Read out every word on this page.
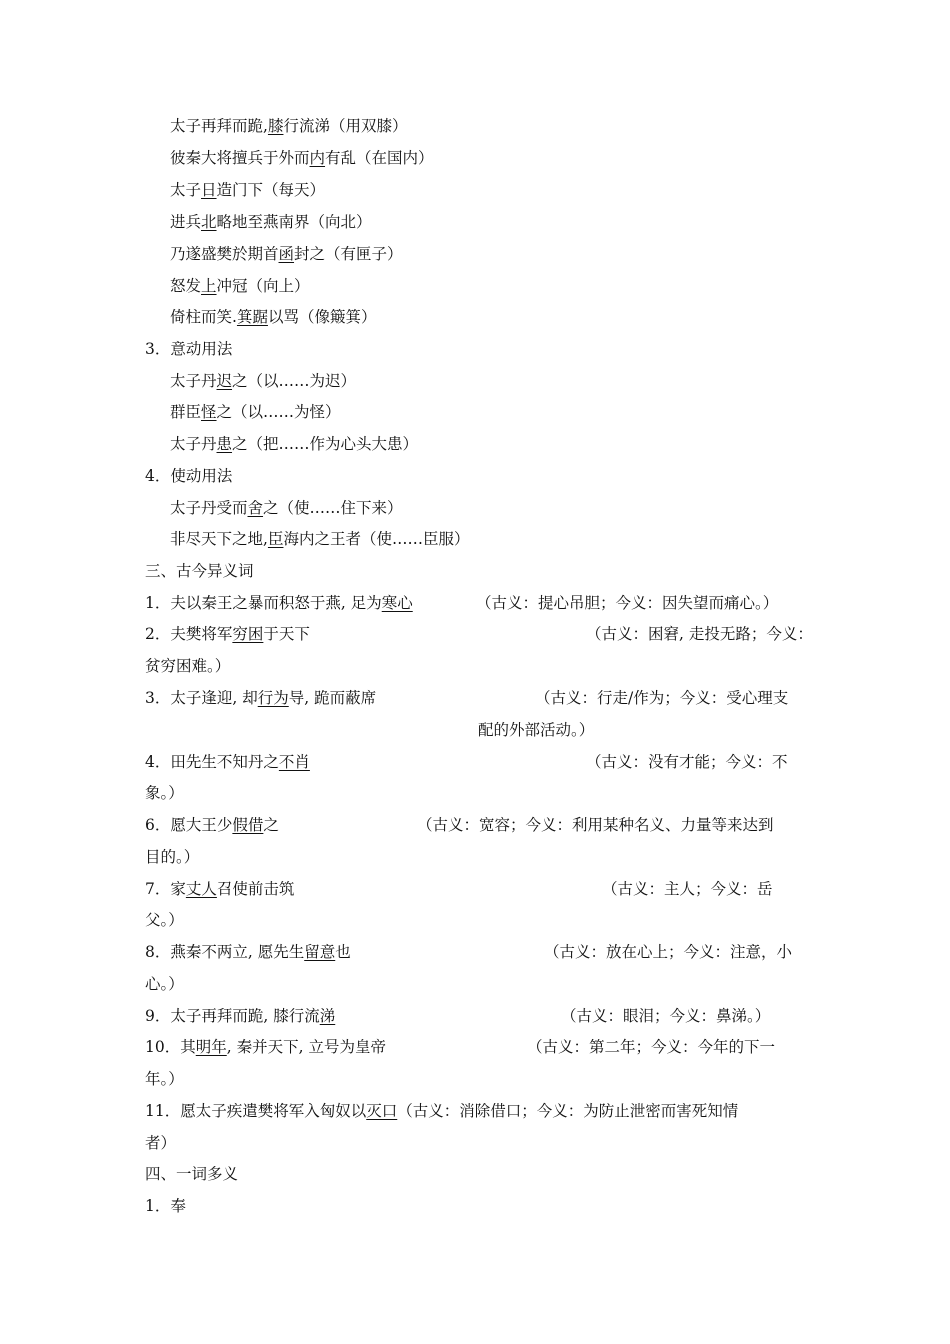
太子再拜而跪,膝行流涕（用双膝）
彼秦大将擅兵于外而内有乱（在国内）
太子日造门下（每天）
进兵北略地至燕南界（向北）
乃遂盛樊於期首函封之（有匣子）
怒发上冲冠（向上）
倚柱而笑.箕踞以骂（像簸箕）
3．意动用法
太子丹迟之（以……为迟）
群臣怪之（以……为怪）
太子丹患之（把……作为心头大患）
4．使动用法
太子丹受而舍之（使……住下来）
非尽天下之地,臣海内之王者（使……臣服）
三、古今异义词
1．夫以秦王之暴而积怒于燕, 足为寒心	（古义：提心吊胆；今义：因失望而痛心。）
2．夫樊将军穷困于天下	（古义：困窘, 走投无路；今义：
贫穷困难。）
3．太子逢迎, 却行为导, 跪而蔽席	（古义：行走/作为；今义：受心理支
配的外部活动。）
4．田先生不知丹之不肖	（古义：没有才能；今义：不
象。）
6．愿大王少假借之	（古义：宽容；今义：利用某种名义、力量等来达到
目的。）
7．家丈人召使前击筑	（古义：主人；今义：岳
父。）
8．燕秦不两立, 愿先生留意也	（古义：放在心上；今义：注意，小
心。）
9．太子再拜而跪, 膝行流涕	（古义：眼泪；今义：鼻涕。）
10．其明年, 秦并天下, 立号为皇帝	（古义：第二年；今义：今年的下一
年。）
11．愿太子疾遣樊将军入匈奴以灭口（古义：消除借口；今义：为防止泄密而害死知情
者）
四、一词多义
1．奉
